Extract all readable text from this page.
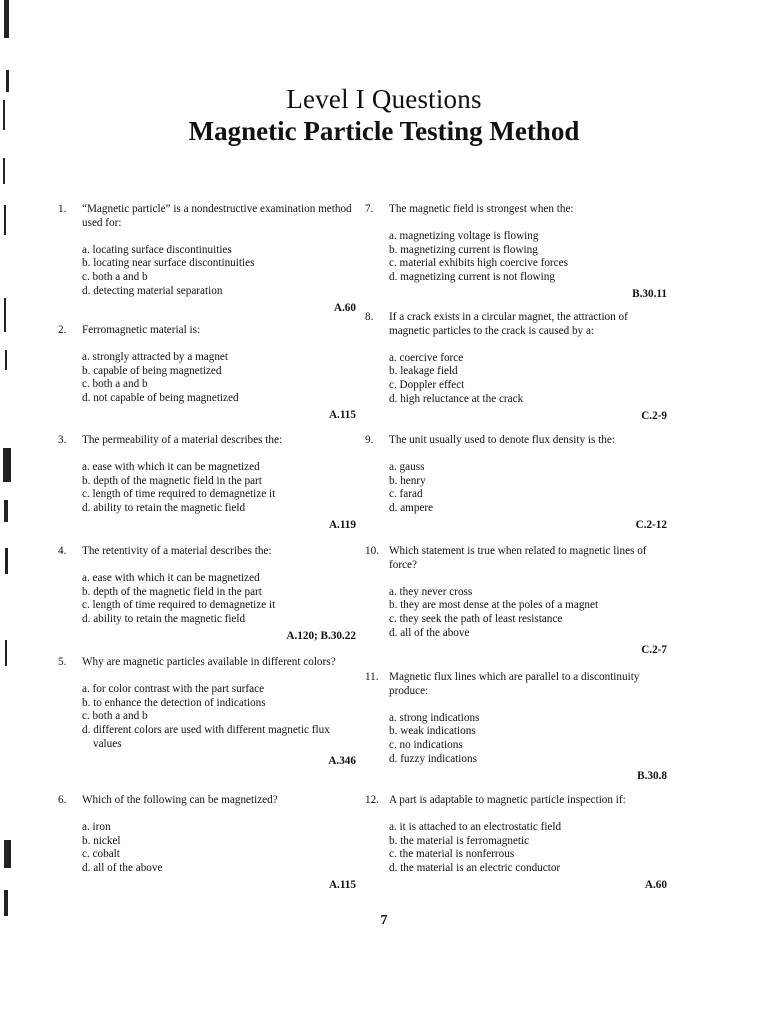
Level I Questions
Magnetic Particle Testing Method
1.	“Magnetic particle” is a nondestructive examination method used for:
a. locating surface discontinuities
b. locating near surface discontinuities
c. both a and b
d. detecting material separation
A.60
2.	Ferromagnetic material is:
a. strongly attracted by a magnet
b. capable of being magnetized
c. both a and b
d. not capable of being magnetized
A.115
3.	The permeability of a material describes the:
a. ease with which it can be magnetized
b. depth of the magnetic field in the part
c. length of time required to demagnetize it
d. ability to retain the magnetic field
A.119
4.	The retentivity of a material describes the:
a. ease with which it can be magnetized
b. depth of the magnetic field in the part
c. length of time required to demagnetize it
d. ability to retain the magnetic field
A.120; B.30.22
5.	Why are magnetic particles available in different colors?
a. for color contrast with the part surface
b. to enhance the detection of indications
c. both a and b
d. different colors are used with different magnetic flux values
A.346
6.	Which of the following can be magnetized?
a. iron
b. nickel
c. cobalt
d. all of the above
A.115
7.	The magnetic field is strongest when the:
a. magnetizing voltage is flowing
b. magnetizing current is flowing
c. material exhibits high coercive forces
d. magnetizing current is not flowing
B.30.11
8.	If a crack exists in a circular magnet, the attraction of magnetic particles to the crack is caused by a:
a. coercive force
b. leakage field
c. Doppler effect
d. high reluctance at the crack
C.2-9
9.	The unit usually used to denote flux density is the:
a. gauss
b. henry
c. farad
d. ampere
C.2-12
10. Which statement is true when related to magnetic lines of force?
a. they never cross
b. they are most dense at the poles of a magnet
c. they seek the path of least resistance
d. all of the above
C.2-7
11. Magnetic flux lines which are parallel to a discontinuity produce:
a. strong indications
b. weak indications
c. no indications
d. fuzzy indications
B.30.8
12. A part is adaptable to magnetic particle inspection if:
a. it is attached to an electrostatic field
b. the material is ferromagnetic
c. the material is nonferrous
d. the material is an electric conductor
A.60
7
